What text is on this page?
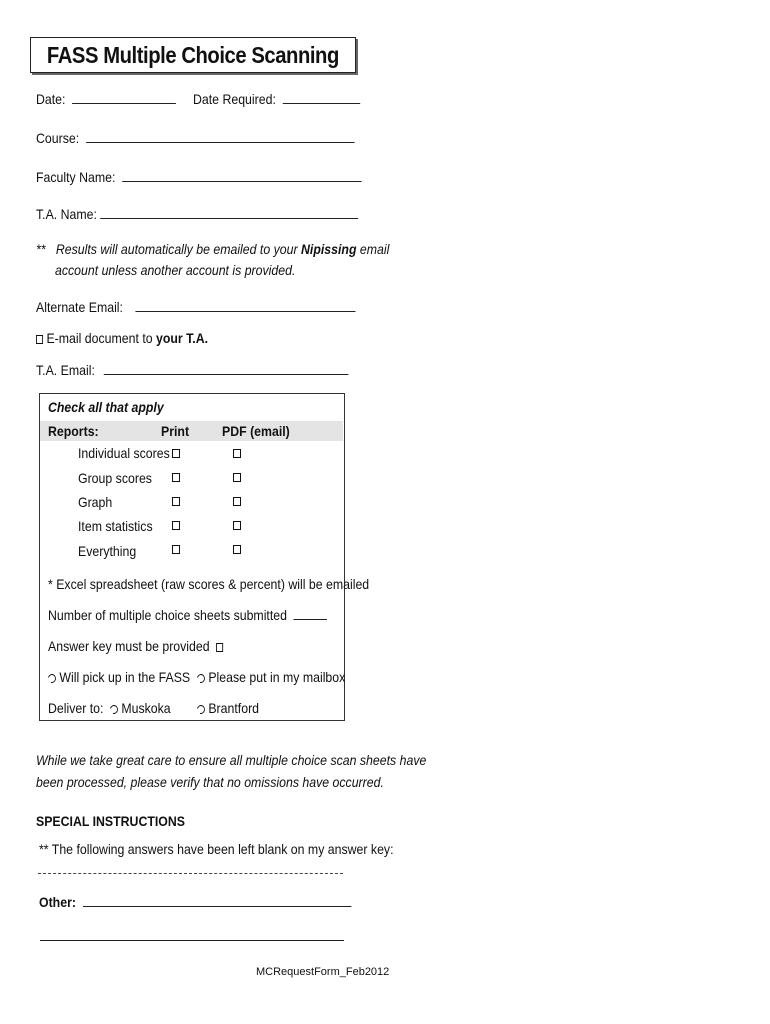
FASS Multiple Choice Scanning
Date:	Date Required:
Course:
Faculty Name:
T.A. Name:
** Results will automatically be emailed to your Nipissing email
account unless another account is provided.
Alternate Email:
E-mail document to your T.A.
T.A. Email:
Check all that apply
Reports:	Print PDF (email)
Individual scores
Group scores
Graph
Item statistics
Everything
* Excel spreadsheet (raw scores & percent) will be emailed
Number of multiple choice sheets submitted
Answer key must be provided
Will pick up in the FASS	Please put in my mailbox
Deliver to:	Muskoka	Brantford
While we take great care to ensure all multiple choice scan sheets have
been processed, please verify that no omissions have occurred.
SPECIAL INSTRUCTIONS
** The following answers have been left blank on my answer key:
Other:
MCRequestForm_Feb2012
